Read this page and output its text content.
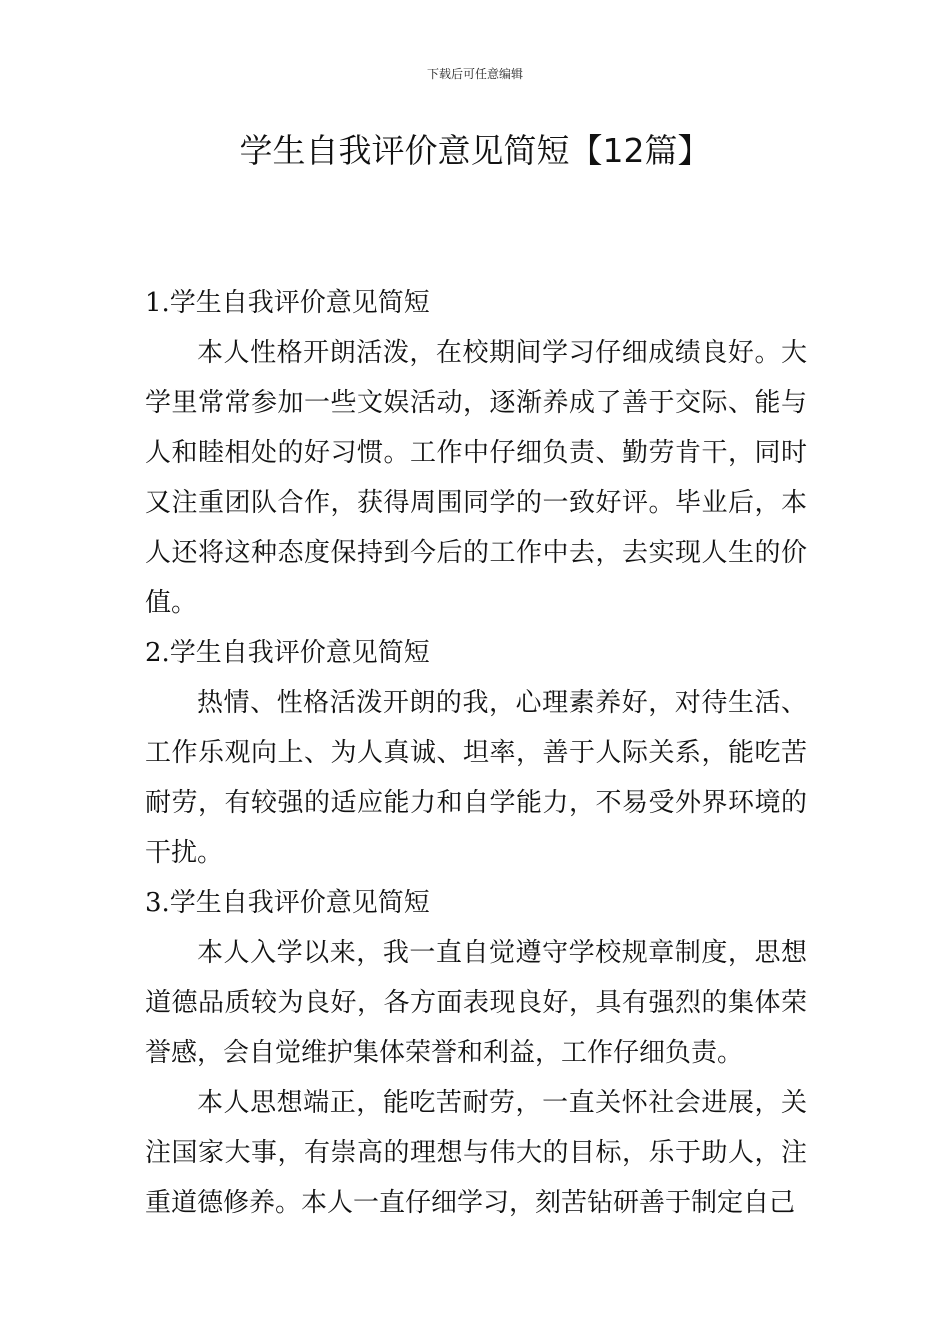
下载后可任意编辑
学生自我评价意见简短【12篇】

1.学生自我评价意见简短

本人性格开朗活泼，在校期间学习仔细成绩良好。大学里常常参加一些文娱活动，逐渐养成了善于交际、能与人和睦相处的好习惯。工作中仔细负责、勤劳肯干，同时又注重团队合作，获得周围同学的一致好评。毕业后，本人还将这种态度保持到今后的工作中去，去实现人生的价值。

2.学生自我评价意见简短

热情、性格活泼开朗的我，心理素养好，对待生活、工作乐观向上、为人真诚、坦率，善于人际关系，能吃苦耐劳，有较强的适应能力和自学能力，不易受外界环境的干扰。

3.学生自我评价意见简短

本人入学以来，我一直自觉遵守学校规章制度，思想道德品质较为良好，各方面表现良好，具有强烈的集体荣誉感，会自觉维护集体荣誉和利益，工作仔细负责。

本人思想端正，能吃苦耐劳，一直关怀社会进展，关注国家大事，有崇高的理想与伟大的目标，乐于助人，注重道德修养。本人一直仔细学习，刻苦钻研善于制定自己
